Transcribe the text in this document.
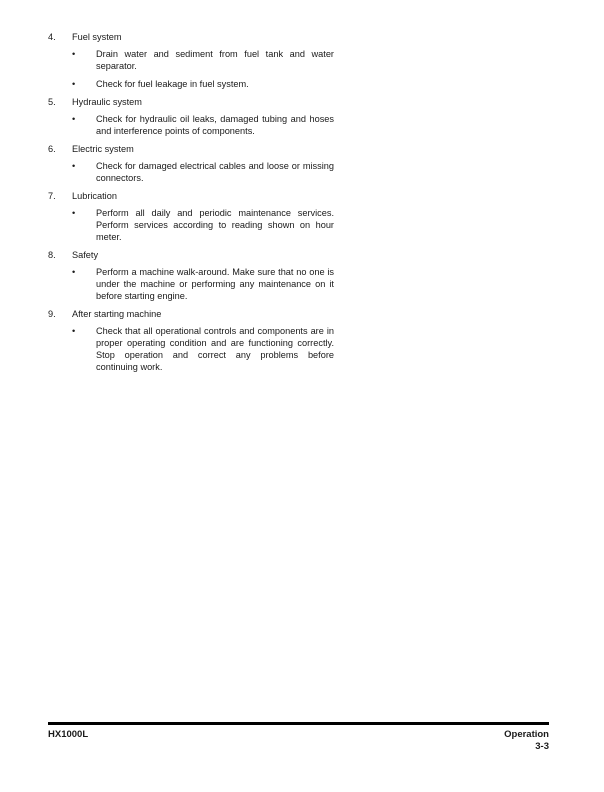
4.	Fuel system
•	Drain water and sediment from fuel tank and water separator.
•	Check for fuel leakage in fuel system.
5.	Hydraulic system
•	Check for hydraulic oil leaks, damaged tubing and hoses and interference points of components.
6.	Electric system
•	Check for damaged electrical cables and loose or missing connectors.
7.	Lubrication
•	Perform all daily and periodic maintenance services. Perform services according to reading shown on hour meter.
8.	Safety
•	Perform a machine walk-around. Make sure that no one is under the machine or performing any maintenance on it before starting engine.
9.	After starting machine
•	Check that all operational controls and components are in proper operating condition and are functioning correctly. Stop operation and correct any problems before continuing work.
HX1000L	Operation
3-3
